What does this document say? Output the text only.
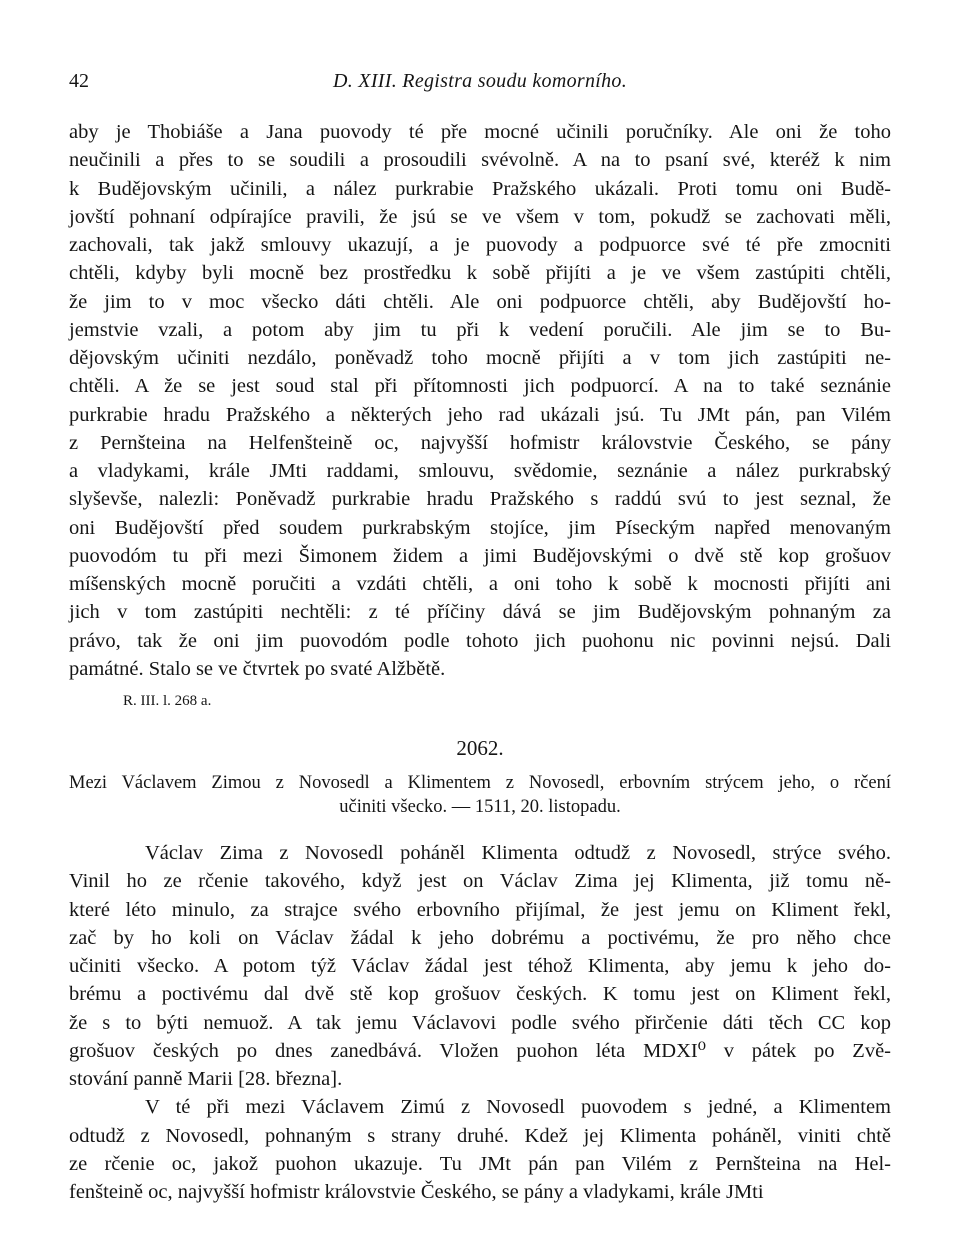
42	D. XIII. Registra soudu komorního.
aby je Thobiáše a Jana puovody té pře mocné učinili poručníky. Ale oni že toho
neučinili a přes to se soudili a prosoudili svévolně. A na to psaní své, kteréž k nim
k Budějovským učinili, a nález purkrabie Pražského ukázali. Proti tomu oni Budě-
jovští pohnaní odpírajíce pravili, že jsú se ve všem v tom, pokudž se zachovati měli,
zachovali, tak jakž smlouvy ukazují, a je puovody a podpuorce své té pře zmocniti
chtěli, kdyby byli mocně bez prostředku k sobě přijíti a je ve všem zastúpiti chtěli,
že jim to v moc všecko dáti chtěli. Ale oni podpuorce chtěli, aby Budějovští ho-
jemstvie vzali, a potom aby jim tu při k vedení poručili. Ale jim se to Bu-
dějovským učiniti nezdálo, poněvadž toho mocně přijíti a v tom jich zastúpiti ne-
chtěli. A že se jest soud stal při přítomnosti jich podpuorcí. A na to také seznánie
purkrabie hradu Pražského a některých jeho rad ukázali jsú. Tu JMt pán, pan Vilém
z Pernšteina na Helfenšteině oc, najvyšší hofmistr královstvie Českého, se pány
a vladykami, krále JMti raddami, smlouvu, svědomie, seznánie a nález purkrabský
slyševše, nalezli: Poněvadž purkrabie hradu Pražského s raddú svú to jest seznal, že
oni Budějovští před soudem purkrabským stojíce, jim Píseckým napřed menovaným
puovodóm tu při mezi Šimonem židem a jimi Budějovskými o dvě stě kop grošuov
míšenských mocně poručiti a vzdáti chtěli, a oni toho k sobě k mocnosti přijíti ani
jich v tom zastúpiti nechtěli: z té příčiny dává se jim Budějovským pohnaným za
právo, tak že oni jim puovodóm podle tohoto jich puohonu nic povinni nejsú. Dali
památné. Stalo se ve čtvrtek po svaté Alžbětě.
R. III. l. 268 a.
2062.
Mezi Václavem Zimou z Novosedl a Klimentem z Novosedl, erbovním strýcem jeho, o rčení
učiniti všecko. — 1511, 20. listopadu.
Václav Zima z Novosedl poháněl Klimenta odtudž z Novosedl, strýce svého.
Vinil ho ze rčenie takového, když jest on Václav Zima jej Klimenta, již tomu ně-
které léto minulo, za strajce svého erbovního přijímal, že jest jemu on Kliment řekl,
zač by ho koli on Václav žádal k jeho dobrému a poctivému, že pro něho chce
učiniti všecko. A potom týž Václav žádal jest téhož Klimenta, aby jemu k jeho do-
brému a poctivému dal dvě stě kop grošuov českých. K tomu jest on Kliment řekl,
že s to býti nemuož. A tak jemu Václavovi podle svého přirčenie dáti těch CC kop
grošuov českých po dnes zanedbává. Vložen puohon léta MDXI⁰ v pátek po Zvě-
stování panně Marii [28. března].
V té při mezi Václavem Zimú z Novosedl puovodem s jedné, a Klimentem
odtudž z Novosedl, pohnaným s strany druhé. Kdež jej Klimenta poháněl, viniti chtě
ze rčenie oc, jakož puohon ukazuje. Tu JMt pán pan Vilém z Pernšteina na Hel-
fenšteině oc, najvyšší hofmistr královstvie Českého, se pány a vladykami, krále JMti
